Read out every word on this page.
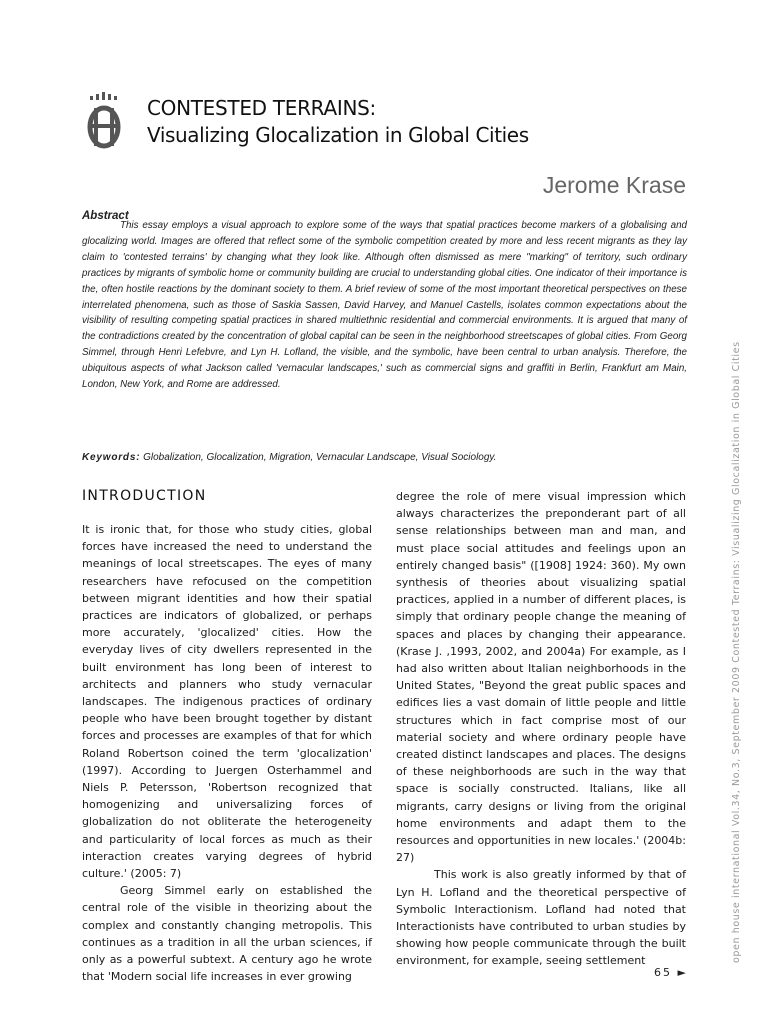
CONTESTED TERRAINS:
Visualizing Glocalization in Global Cities
Jerome Krase
Abstract

This essay employs a visual approach to explore some of the ways that spatial practices become markers of a globalising and glocalizing world. Images are offered that reflect some of the symbolic competition created by more and less recent migrants as they lay claim to 'contested terrains' by changing what they look like. Although often dismissed as mere "marking" of territory, such ordinary practices by migrants of symbolic home or community building are crucial to understanding global cities. One indicator of their importance is the, often hostile reactions by the dominant society to them. A brief review of some of the most important theoretical perspectives on these interrelated phenomena, such as those of Saskia Sassen, David Harvey, and Manuel Castells, isolates common expectations about the visibility of resulting competing spatial practices in shared multiethnic residential and commercial environments. It is argued that many of the contradictions created by the concentration of global capital can be seen in the neighborhood streetscapes of global cities. From Georg Simmel, through Henri Lefebvre, and Lyn H. Lofland, the visible, and the symbolic, have been central to urban analysis. Therefore, the ubiquitous aspects of what Jackson called 'vernacular landscapes,' such as commercial signs and graffiti in Berlin, Frankfurt am Main, London, New York, and Rome are addressed.

Keywords: Globalization, Glocalization, Migration, Vernacular Landscape, Visual Sociology.
INTRODUCTION

It is ironic that, for those who study cities, global forces have increased the need to understand the meanings of local streetscapes. The eyes of many researchers have refocused on the competition between migrant identities and how their spatial practices are indicators of globalized, or perhaps more accurately, 'glocalized' cities. How the everyday lives of city dwellers represented in the built environment has long been of interest to architects and planners who study vernacular landscapes. The indigenous practices of ordinary people who have been brought together by distant forces and processes are examples of that for which Roland Robertson coined the term 'glocalization' (1997). According to Juergen Osterhammel and Niels P. Petersson, 'Robertson recognized that homogenizing and universalizing forces of globalization do not obliterate the heterogeneity and particularity of local forces as much as their interaction creates varying degrees of hybrid culture.' (2005: 7)

Georg Simmel early on established the central role of the visible in theorizing about the complex and constantly changing metropolis. This continues as a tradition in all the urban sciences, if only as a powerful subtext. A century ago he wrote that 'Modern social life increases in ever growing

degree the role of mere visual impression which always characterizes the preponderant part of all sense relationships between man and man, and must place social attitudes and feelings upon an entirely changed basis" ([1908] 1924: 360). My own synthesis of theories about visualizing spatial practices, applied in a number of different places, is simply that ordinary people change the meaning of spaces and places by changing their appearance. (Krase J. ,1993, 2002, and 2004a) For example, as I had also written about Italian neighborhoods in the United States, "Beyond the great public spaces and edifices lies a vast domain of little people and little structures which in fact comprise most of our material society and where ordinary people have created distinct landscapes and places. The designs of these neighborhoods are such in the way that space is socially constructed. Italians, like all migrants, carry designs or living from the original home environments and adapt them to the resources and opportunities in new locales.' (2004b: 27)

This work is also greatly informed by that of Lyn H. Lofland and the theoretical perspective of Symbolic Interactionism. Lofland had noted that Interactionists have contributed to urban studies by showing how people communicate through the built environment, for example, seeing settlement	open house international Vol.34, No.3, September 2009 Contested Terrains: Visualizing Glocalization in Global Cities
65 ►
